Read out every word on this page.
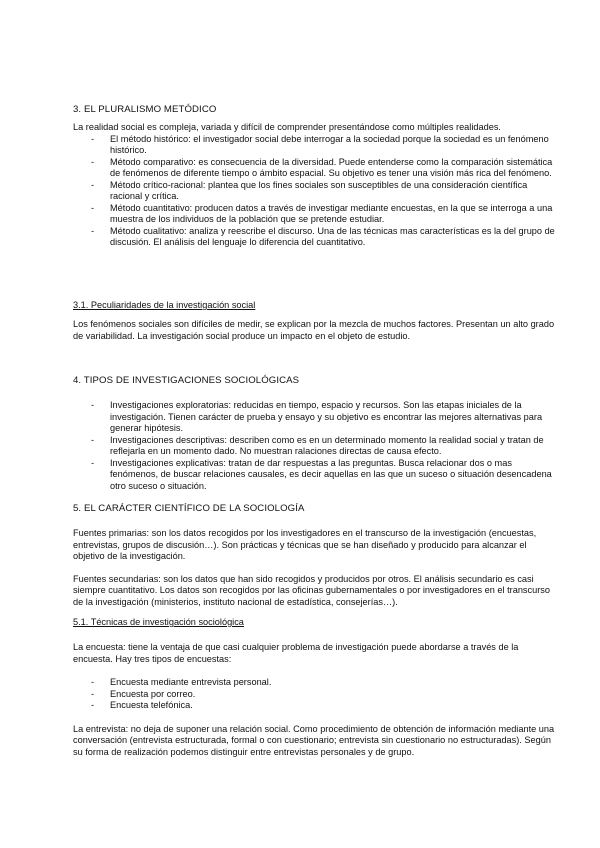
3. EL PLURALISMO METÓDICO

La realidad social es compleja, variada y difícil de comprender presentándose como múltiples realidades.

- El método histórico: el investigador social debe interrogar a la sociedad porque la sociedad es un fenómeno histórico.
- Método comparativo: es consecuencia de la diversidad. Puede entenderse como la comparación sistemática de fenómenos de diferente tiempo o ámbito espacial. Su objetivo es tener una visión más rica del fenómeno.
- Método crítico-racional: plantea que los fines sociales son susceptibles de una consideración científica racional y crítica.
- Método cuantitativo: producen datos a través de investigar mediante encuestas, en la que se interroga a una muestra de los individuos de la población que se pretende estudiar.
- Método cualitativo: analiza y reescribe el discurso. Una de las técnicas mas características es la del grupo de discusión. El análisis del lenguaje lo diferencia del cuantitativo.
3.1. Peculiaridades de la investigación social

Los fenómenos sociales son difíciles de medir, se explican por la mezcla de muchos factores. Presentan un alto grado de variabilidad. La investigación social produce un impacto en el objeto de estudio.

4. TIPOS DE INVESTIGACIONES SOCIOLÓGICAS
- Investigaciones exploratorias: reducidas en tiempo, espacio y recursos. Son las etapas iniciales de la investigación. Tienen carácter de prueba y ensayo y su objetivo es encontrar las mejores alternativas para generar hipótesis.
- Investigaciones descriptivas: describen como es en un determinado momento la realidad social y tratan de reflejarla en un momento dado. No muestran ralaciones directas de causa efecto.
- Investigaciones explicativas: tratan de dar respuestas a las preguntas. Busca relacionar dos o mas fenómenos, de buscar relaciones causales, es decir aquellas en las que un suceso o situación desencadena otro suceso o situación.
5. EL CARÁCTER CIENTÍFICO DE LA SOCIOLOGÍA

Fuentes primarias: son los datos recogidos por los investigadores en el transcurso de la investigación (encuestas, entrevistas, grupos de discusión…). Son prácticas y técnicas que se han diseñado y producido para alcanzar el objetivo de la investigación.

Fuentes secundarias: son los datos que han sido recogidos y producidos por otros. El análisis secundario es casi siempre cuantitativo. Los datos son recogidos por las oficinas gubernamentales o por investigadores en el transcurso de la investigación (ministerios, instituto nacional de estadística, consejerías…).

5.1. Técnicas de investigación sociológica

La encuesta: tiene la ventaja de que casi cualquier problema de investigación puede abordarse a través de la encuesta. Hay tres tipos de encuestas:

- Encuesta mediante entrevista personal.
- Encuesta por correo.
- Encuesta telefónica.

La entrevista: no deja de suponer una relación social. Como procedimiento de obtención de información mediante una conversación (entrevista estructurada, formal o con cuestionario; entrevista sin cuestionario no estructuradas). Según su forma de realización podemos distinguir entre entrevistas personales y de grupo.
